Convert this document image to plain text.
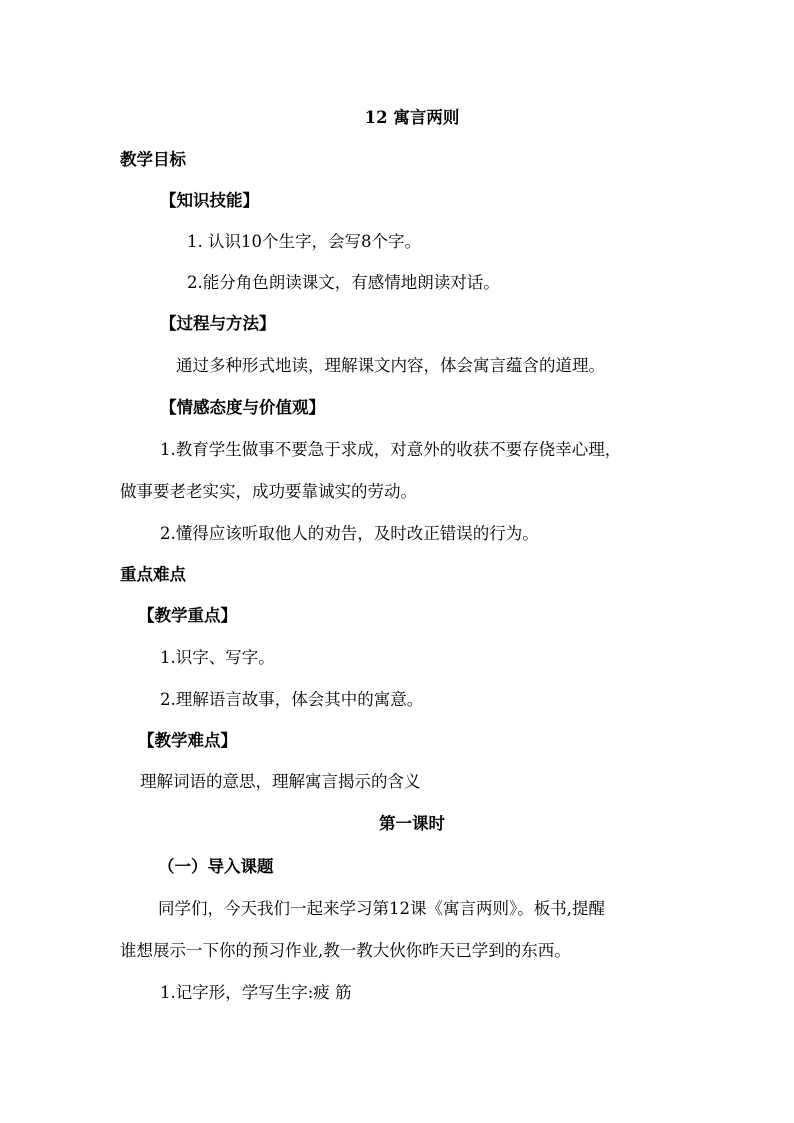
12 寓言两则
教学目标
【知识技能】
1. 认识10个生字，会写8个字。
2.能分角色朗读课文，有感情地朗读对话。
【过程与方法】
通过多种形式地读，理解课文内容，体会寓言蕴含的道理。
【情感态度与价值观】
1.教育学生做事不要急于求成，对意外的收获不要存侥幸心理，
做事要老老实实，成功要靠诚实的劳动。
2.懂得应该听取他人的劝告，及时改正错误的行为。
重点难点
【教学重点】
1.识字、写字。
2.理解语言故事，体会其中的寓意。
【教学难点】
理解词语的意思，理解寓言揭示的含义
第一课时
（一）导入课题
同学们，今天我们一起来学习第12课《寓言两则》。板书,提醒
谁想展示一下你的预习作业,教一教大伙你昨天已学到的东西。
1.记字形，学写生字:疲 筋
